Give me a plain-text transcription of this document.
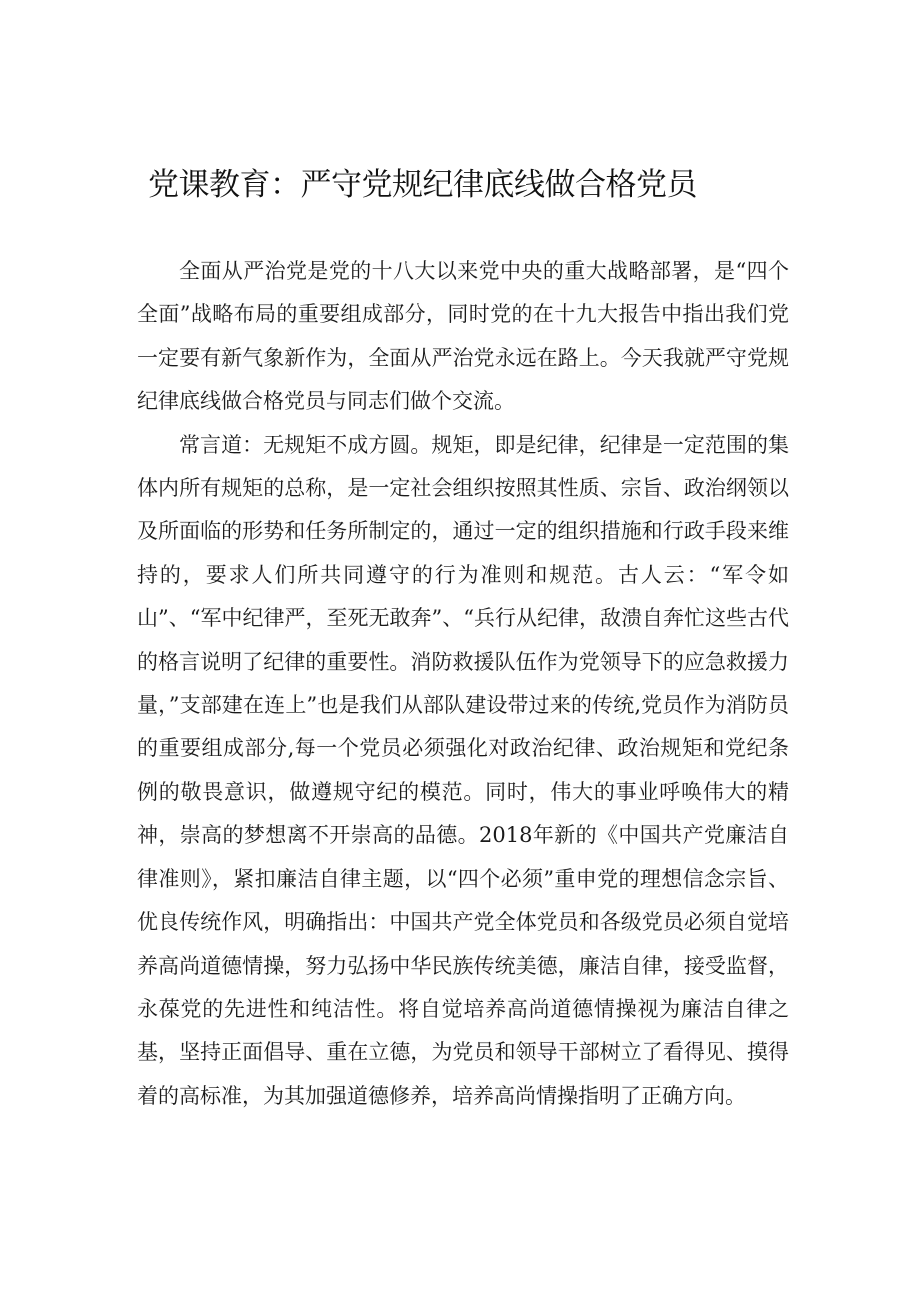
党课教育：严守党规纪律底线做合格党员

全面从严治党是党的十八大以来党中央的重大战略部署，是“四个全面”战略布局的重要组成部分，同时党的在十九大报告中指出我们党一定要有新气象新作为，全面从严治党永远在路上。今天我就严守党规纪律底线做合格党员与同志们做个交流。

常言道：无规矩不成方圆。规矩，即是纪律，纪律是一定范围的集体内所有规矩的总称，是一定社会组织按照其性质、宗旨、政治纲领以及所面临的形势和任务所制定的，通过一定的组织措施和行政手段来维持的，要求人们所共同遵守的行为准则和规范。古人云：“军令如山”、“军中纪律严，至死无敢奔”、“兵行从纪律，敌溃自奔忙这些古代的格言说明了纪律的重要性。消防救援队伍作为党领导下的应急救援力量，”支部建在连上”也是我们从部队建设带过来的传统,党员作为消防员的重要组成部分,每一个党员必须强化对政治纪律、政治规矩和党纪条例的敬畏意识，做遵规守纪的模范。同时，伟大的事业呼唤伟大的精神，崇高的梦想离不开崇高的品德。2018年新的《中国共产党廉洁自律准则》，紧扣廉洁自律主题，以“四个必须”重申党的理想信念宗旨、优良传统作风，明确指出：中国共产党全体党员和各级党员必须自觉培养高尚道德情操，努力弘扬中华民族传统美德，廉洁自律，接受监督，永葆党的先进性和纯洁性。将自觉培养高尚道德情操视为廉洁自律之基，坚持正面倡导、重在立德，为党员和领导干部树立了看得见、摸得着的高标准，为其加强道德修养，培养高尚情操指明了正确方向。
